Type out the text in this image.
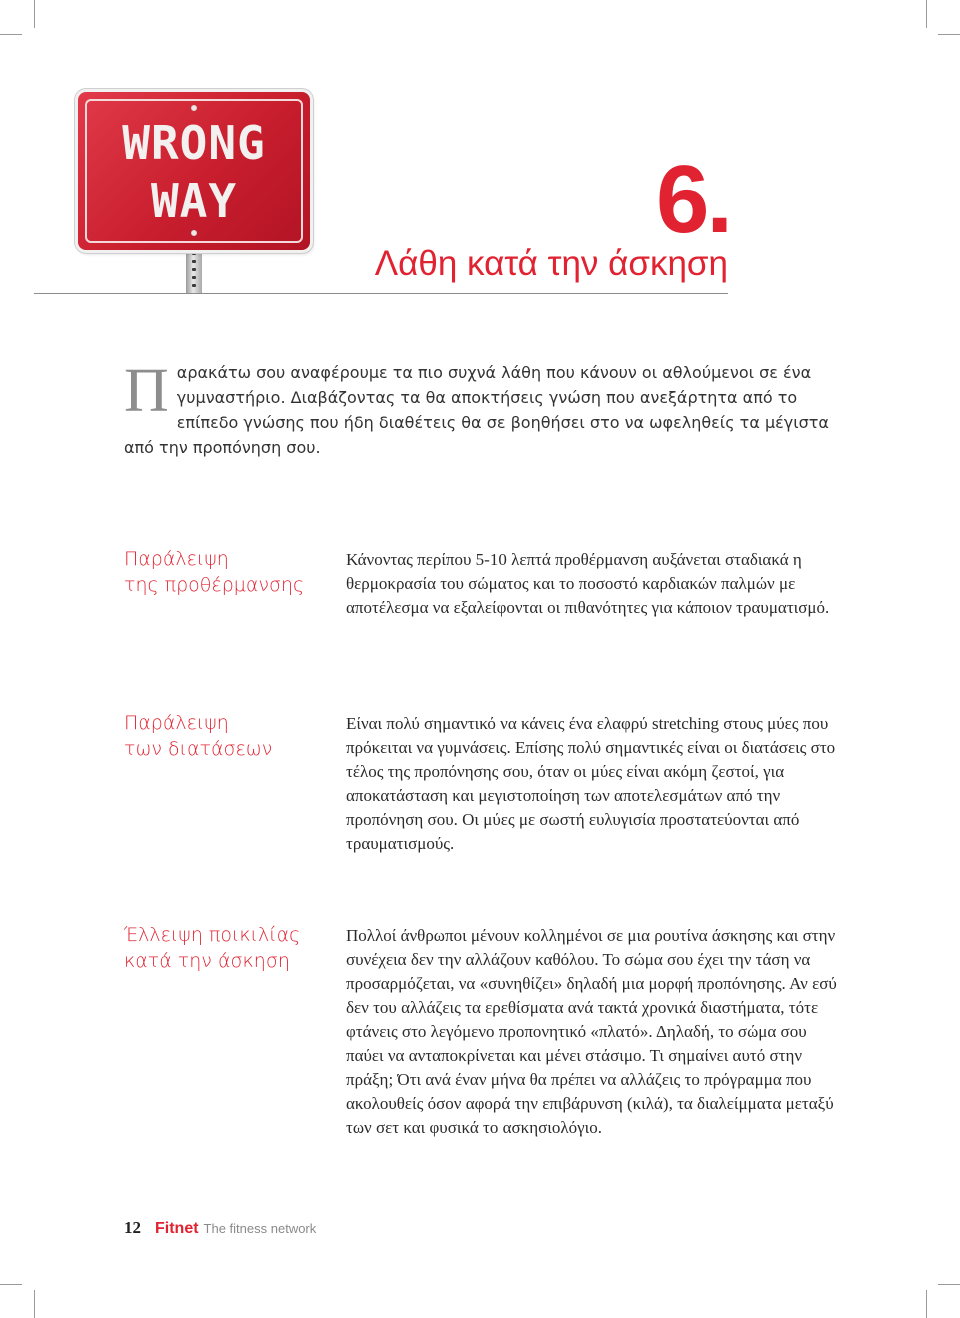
WRONG
WAY	6.
Λάθη κατά την άσκηση
Π αρακάτω σου αναφέρουμε τα πιο συχνά λάθη που κάνουν οι αθλούμενοι σε ένα γυμναστήριο. Διαβάζοντας τα θα αποκτήσεις γνώση που ανεξάρτητα από το επίπεδο γνώσης που ήδη διαθέτεις θα σε βοηθήσει στο να ωφεληθείς τα μέγιστα από την προπόνηση σου.
Παράλειψη
της προθέρμανσης
Κάνοντας περίπου 5-10 λεπτά προθέρμανση αυξάνεται σταδιακά η θερμοκρασία του σώματος και το ποσοστό καρδιακών παλμών με αποτέλεσμα να εξαλείφονται οι πιθανότητες για κάποιον τραυματισμό.
Παράλειψη
των διατάσεων
Είναι πολύ σημαντικό να κάνεις ένα ελαφρύ stretching στους μύες που πρόκειται να γυμνάσεις. Επίσης πολύ σημαντικές είναι οι διατάσεις στο τέλος της προπόνησης σου, όταν οι μύες είναι ακόμη ζεστοί, για αποκατάσταση και μεγιστοποίηση των αποτελεσμάτων από την προπόνηση σου. Οι μύες με σωστή ευλυγισία προστατεύονται από τραυματισμούς.
Έλλειψη ποικιλίας
κατά την άσκηση
Πολλοί άνθρωποι μένουν κολλημένοι σε μια ρουτίνα άσκησης και στην συνέχεια δεν την αλλάζουν καθόλου. Το σώμα σου έχει την τάση να προσαρμόζεται, να «συνηθίζει» δηλαδή μια μορφή προπόνησης. Αν εσύ δεν του αλλάζεις τα ερεθίσματα ανά τακτά χρονικά διαστήματα, τότε φτάνεις στο λεγόμενο προπονητικό «πλατό». Δηλαδή, το σώμα σου παύει να ανταποκρίνεται και μένει στάσιμο. Τι σημαίνει αυτό στην πράξη; Ότι ανά έναν μήνα θα πρέπει να αλλάζεις το πρόγραμμα που ακολουθείς όσον αφορά την επιβάρυνση (κιλά), τα διαλείμματα μεταξύ των σετ και φυσικά το ασκησιολόγιο.
12 Fitnet The fitness network
